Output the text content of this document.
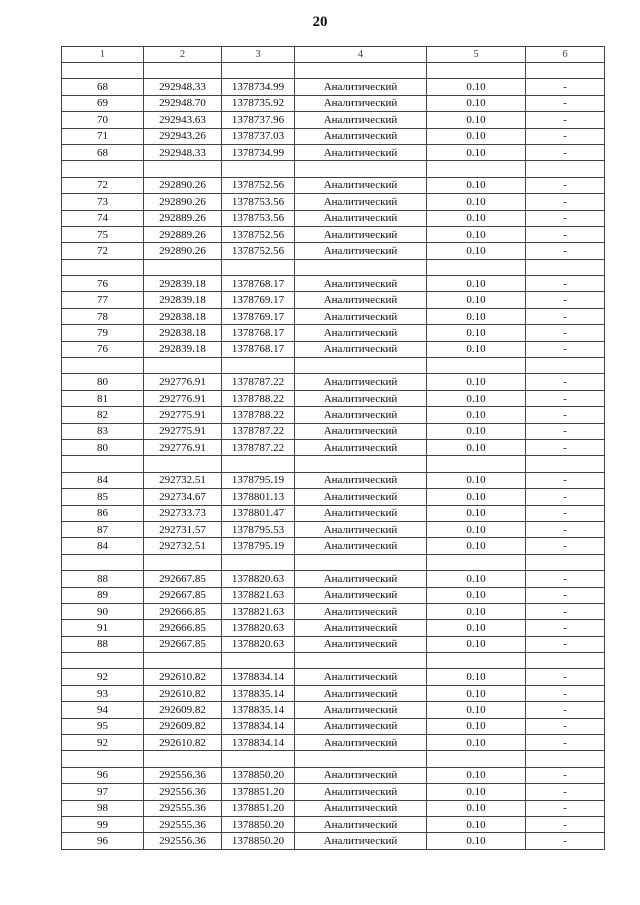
20
1	2	3	4	5	6

68	292948.33	1378734.99	Аналитический	0.10	-
69	292948.70	1378735.92	Аналитический	0.10	-
70	292943.63	1378737.96	Аналитический	0.10	-
71	292943.26	1378737.03	Аналитический	0.10	-
68	292948.33	1378734.99	Аналитический	0.10	-

72	292890.26	1378752.56	Аналитический	0.10	-
73	292890.26	1378753.56	Аналитический	0.10	-
74	292889.26	1378753.56	Аналитический	0.10	-
75	292889.26	1378752.56	Аналитический	0.10	-
72	292890.26	1378752.56	Аналитический	0.10	-

76	292839.18	1378768.17	Аналитический	0.10	-
77	292839.18	1378769.17	Аналитический	0.10	-
78	292838.18	1378769.17	Аналитический	0.10	-
79	292838.18	1378768.17	Аналитический	0.10	-
76	292839.18	1378768.17	Аналитический	0.10	-

80	292776.91	1378787.22	Аналитический	0.10	-
81	292776.91	1378788.22	Аналитический	0.10	-
82	292775.91	1378788.22	Аналитический	0.10	-
83	292775.91	1378787.22	Аналитический	0.10	-
80	292776.91	1378787.22	Аналитический	0.10	-

84	292732.51	1378795.19	Аналитический	0.10	-
85	292734.67	1378801.13	Аналитический	0.10	-
86	292733.73	1378801.47	Аналитический	0.10	-
87	292731.57	1378795.53	Аналитический	0.10	-
84	292732.51	1378795.19	Аналитический	0.10	-

88	292667.85	1378820.63	Аналитический	0.10	-
89	292667.85	1378821.63	Аналитический	0.10	-
90	292666.85	1378821.63	Аналитический	0.10	-
91	292666.85	1378820.63	Аналитический	0.10	-
88	292667.85	1378820.63	Аналитический	0.10	-

92	292610.82	1378834.14	Аналитический	0.10	-
93	292610.82	1378835.14	Аналитический	0.10	-
94	292609.82	1378835.14	Аналитический	0.10	-
95	292609.82	1378834.14	Аналитический	0.10	-
92	292610.82	1378834.14	Аналитический	0.10	-

96	292556.36	1378850.20	Аналитический	0.10	-
97	292556.36	1378851.20	Аналитический	0.10	-
98	292555.36	1378851.20	Аналитический	0.10	-
99	292555.36	1378850.20	Аналитический	0.10	-
96	292556.36	1378850.20	Аналитический	0.10	-
